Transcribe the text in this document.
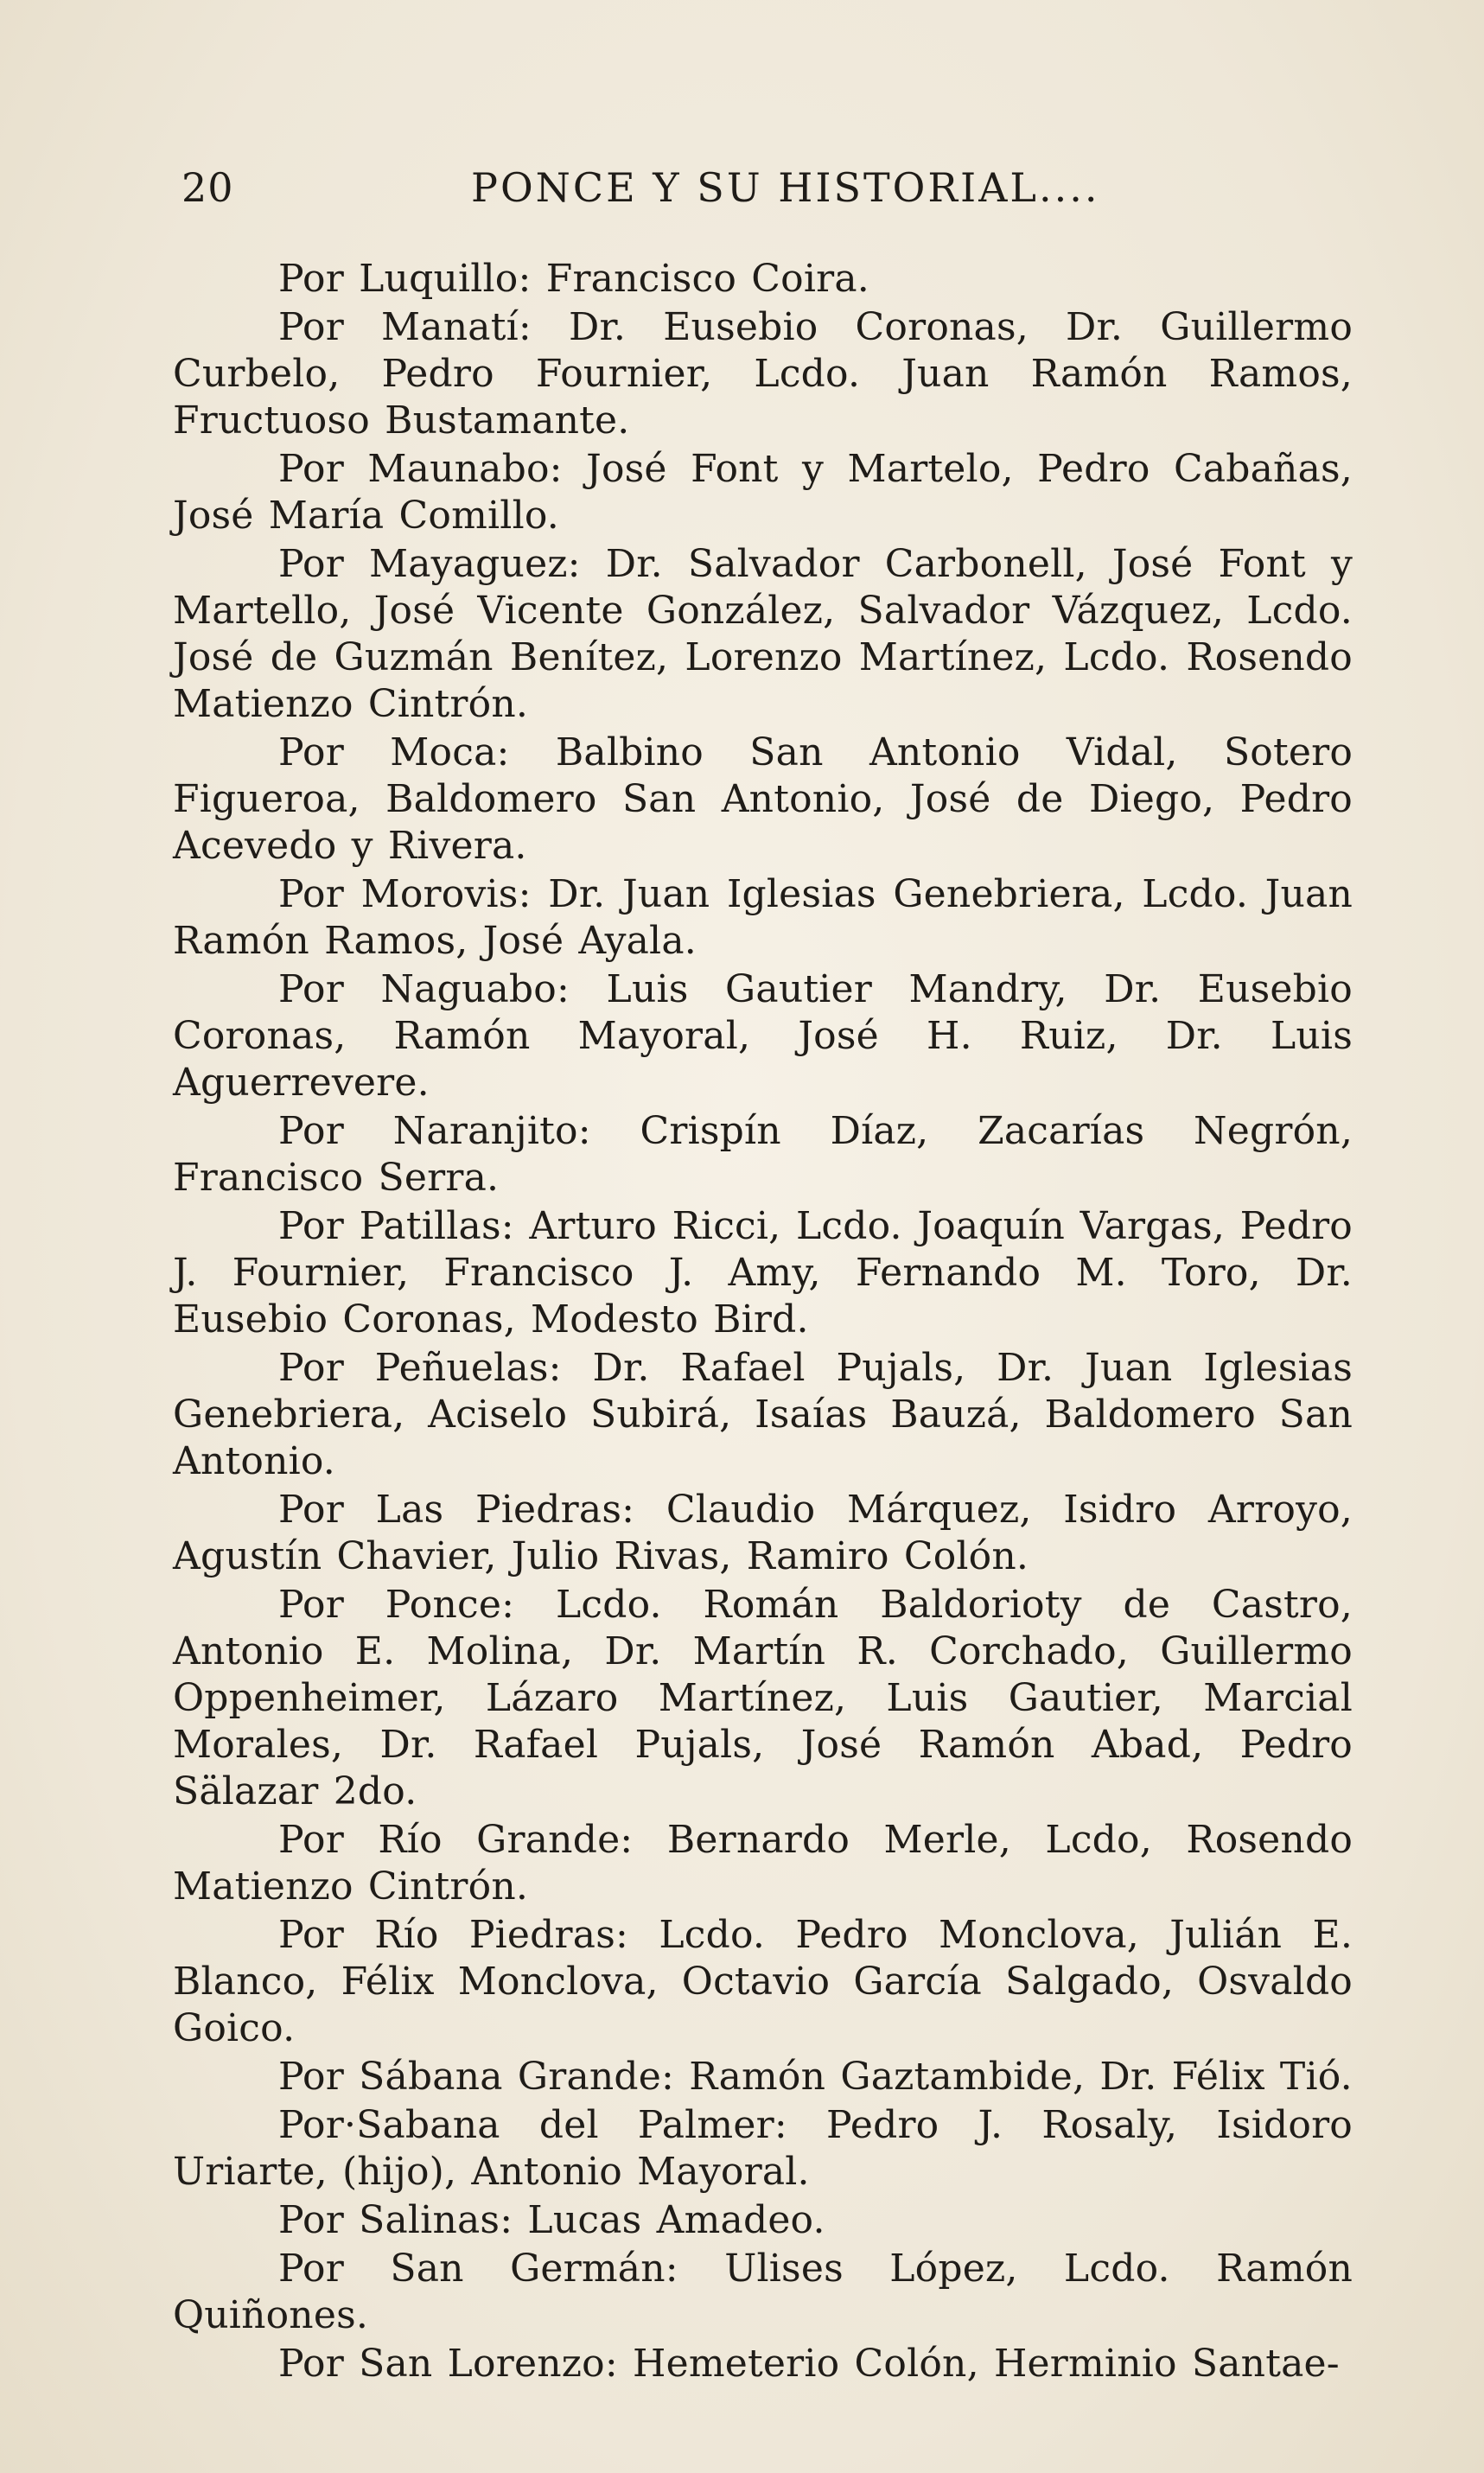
20	PONCE Y SU HISTORIAL....

Por Luquillo: Francisco Coira.

Por Manatí: Dr. Eusebio Coronas, Dr. Guillermo Curbelo, Pedro Fournier, Lcdo. Juan Ramón Ramos, Fructuoso Bustamante.

Por Maunabo: José Font y Martelo, Pedro Cabañas, José María Comillo.

Por Mayaguez: Dr. Salvador Carbonell, José Font y Martello, José Vicente González, Salvador Vázquez, Lcdo. José de Guzmán Benítez, Lorenzo Martínez, Lcdo. Rosendo Matienzo Cintrón.

Por Moca: Balbino San Antonio Vidal, Sotero Figueroa, Baldomero San Antonio, José de Diego, Pedro Acevedo y Rivera.

Por Morovis: Dr. Juan Iglesias Genebriera, Lcdo. Juan Ramón Ramos, José Ayala.

Por Naguabo: Luis Gautier Mandry, Dr. Eusebio Coronas, Ramón Mayoral, José H. Ruiz, Dr. Luis Aguerrevere.

Por Naranjito: Crispín Díaz, Zacarías Negrón, Francisco Serra.

Por Patillas: Arturo Ricci, Lcdo. Joaquín Vargas, Pedro J. Fournier, Francisco J. Amy, Fernando M. Toro, Dr. Eusebio Coronas, Modesto Bird.

Por Peñuelas: Dr. Rafael Pujals, Dr. Juan Iglesias Genebriera, Aciselo Subirá, Isaías Bauzá, Baldomero San Antonio.

Por Las Piedras: Claudio Márquez, Isidro Arroyo, Agustín Chavier, Julio Rivas, Ramiro Colón.

Por Ponce: Lcdo. Román Baldorioty de Castro, Antonio E. Molina, Dr. Martín R. Corchado, Guillermo Oppenheimer, Lázaro Martínez, Luis Gautier, Marcial Morales, Dr. Rafael Pujals, José Ramón Abad, Pedro Sälazar 2do.

Por Río Grande: Bernardo Merle, Lcdo, Rosendo Matienzo Cintrón.

Por Río Piedras: Lcdo. Pedro Monclova, Julián E. Blanco, Félix Monclova, Octavio García Salgado, Osvaldo Goico.

Por Sábana Grande: Ramón Gaztambide, Dr. Félix Tió.

Por·Sabana del Palmer: Pedro J. Rosaly, Isidoro Uriarte, (hijo), Antonio Mayoral.

Por Salinas: Lucas Amadeo.

Por San Germán: Ulises López, Lcdo. Ramón Quiñones.

Por San Lorenzo: Hemeterio Colón, Herminio Santae-
